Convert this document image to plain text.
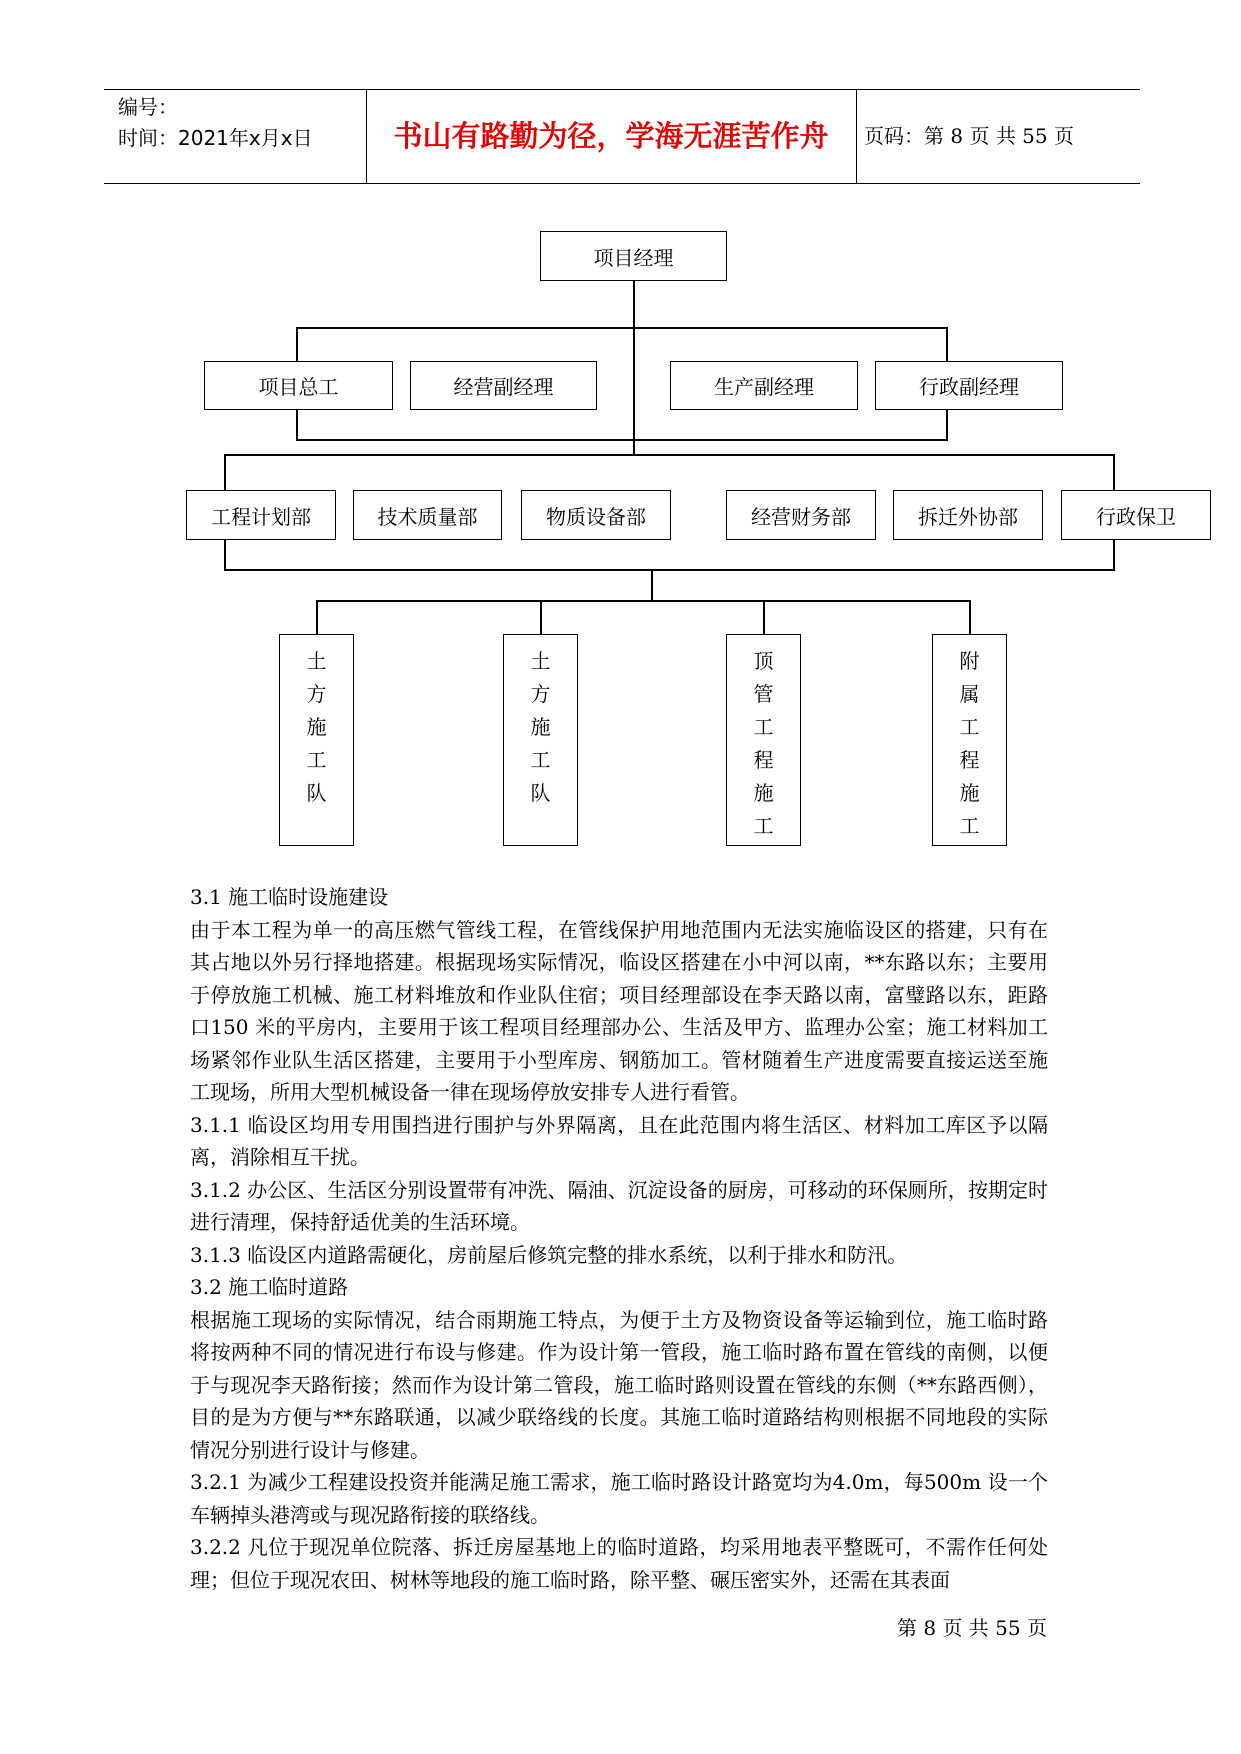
编号：
时间：2021年x月x日	书山有路勤为径，学海无涯苦作舟	页码：第 8 页 共 55 页
项目经理
项目总工	经营副经理	生产副经理	行政副经理
工程计划部	技术质量部	物质设备部	经营财务部	拆迁外协部	行政保卫
土
方
施
工
队
土
方
施
工
队
顶
管
工
程
施
工
附
属
工
程
施
工

3.1 施工临时设施建设

由于本工程为单一的高压燃气管线工程，在管线保护用地范围内无法实施临设区的搭建，只有在其占地以外另行择地搭建。根据现场实际情况，临设区搭建在小中河以南，**东路以东；主要用于停放施工机械、施工材料堆放和作业队住宿；项目经理部设在李天路以南，富璧路以东，距路口150 米的平房内，主要用于该工程项目经理部办公、生活及甲方、监理办公室；施工材料加工场紧邻作业队生活区搭建，主要用于小型库房、钢筋加工。管材随着生产进度需要直接运送至施工现场，所用大型机械设备一律在现场停放安排专人进行看管。

3.1.1 临设区均用专用围挡进行围护与外界隔离，且在此范围内将生活区、材料加工库区予以隔离，消除相互干扰。

3.1.2 办公区、生活区分别设置带有冲洗、隔油、沉淀设备的厨房，可移动的环保厕所，按期定时进行清理，保持舒适优美的生活环境。

3.1.3 临设区内道路需硬化，房前屋后修筑完整的排水系统，以利于排水和防汛。

3.2 施工临时道路

根据施工现场的实际情况，结合雨期施工特点，为便于土方及物资设备等运输到位，施工临时路将按两种不同的情况进行布设与修建。作为设计第一管段，施工临时路布置在管线的南侧，以便于与现况李天路衔接；然而作为设计第二管段，施工临时路则设置在管线的东侧（**东路西侧），目的是为方便与**东路联通，以减少联络线的长度。其施工临时道路结构则根据不同地段的实际情况分别进行设计与修建。

3.2.1 为减少工程建设投资并能满足施工需求，施工临时路设计路宽均为4.0m，每500m 设一个车辆掉头港湾或与现况路衔接的联络线。

3.2.2 凡位于现况单位院落、拆迁房屋基地上的临时道路，均采用地表平整既可，不需作任何处理；但位于现况农田、树林等地段的施工临时路，除平整、碾压密实外，还需在其表面

第 8 页 共 55 页
